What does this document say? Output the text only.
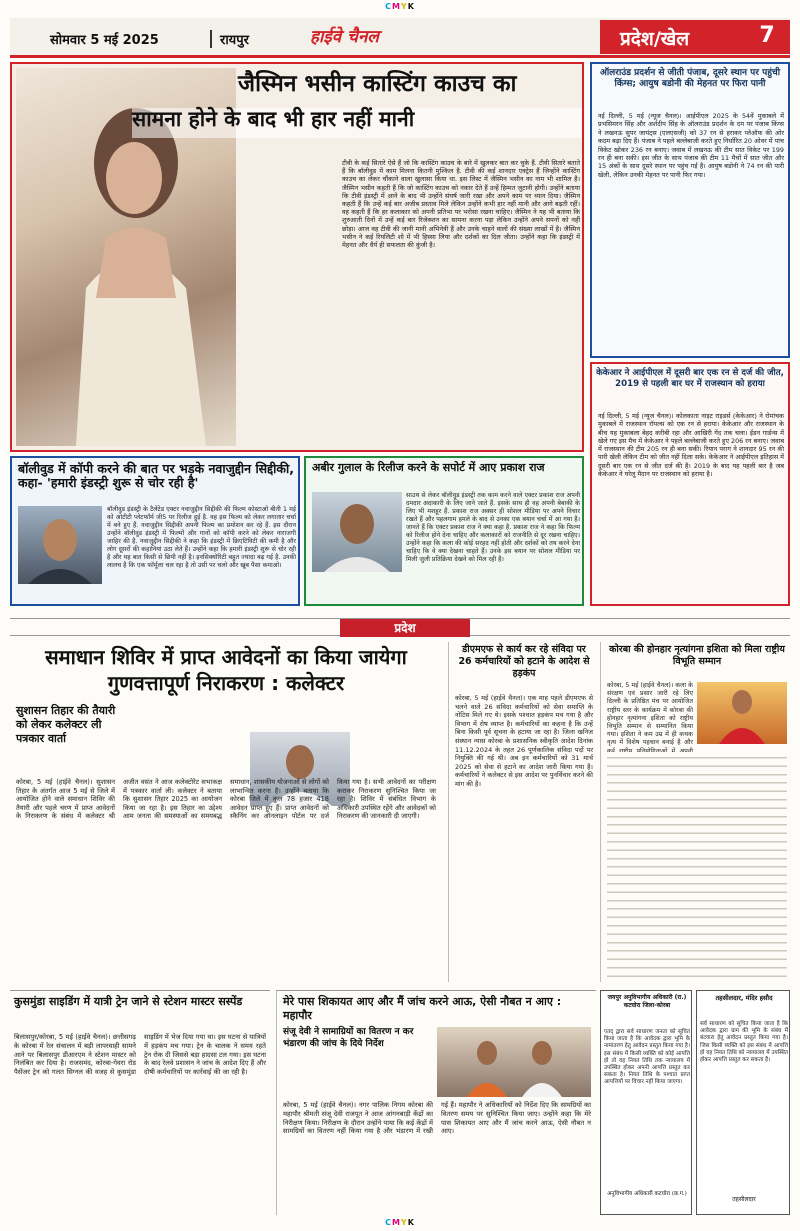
CMYK
सोमवार 5 मई 2025	रायपुर	हाईवे चैनल	प्रदेश/खेल	7
जैस्मिन भसीन कास्टिंग काउच का
सामना होने के बाद भी हार नहीं मानी
टीवी के कई सितारे ऐसे हैं जो कि कास्टिंग काउच के बारे में खुलकर बात कर चुके हैं. टीवी सितारे बताते हैं कि बॉलीवुड में काम मिलना कितनी मुश्किल है. टीवी की कई शानदार एक्ट्रेस हैं जिन्होंने कास्टिंग काउच का लेकर चौंकाने वाला खुलासा किया था. इस लिस्ट में जैस्मिन भसीन का नाम भी शामिल है। जैस्मिन भसीन कहती हैं कि जो कास्टिंग काउच को नकार देते हैं उन्हें हिम्मत जुटानी होगी। उन्होंने बताया कि टीवी इंडस्ट्री में आने के बाद भी उन्होंने संघर्ष जारी रखा और अपने काम पर ध्यान दिया। जैस्मिन कहती हैं कि उन्हें कई बार अजीब प्रस्ताव मिले लेकिन उन्होंने कभी हार नहीं मानी और आगे बढ़ती रहीं। वह कहती हैं कि हर कलाकार को अपनी प्रतिभा पर भरोसा रखना चाहिए। जैस्मिन ने यह भी बताया कि शुरुआती दिनों में उन्हें कई बार रिजेक्शन का सामना करना पड़ा लेकिन उन्होंने अपने सपनों को नहीं छोड़ा। आज वह टीवी की जानी मानी अभिनेत्री हैं और उनके चाहने वालों की संख्या लाखों में है। जैस्मिन भसीन ने कई रियलिटी शो में भी हिस्सा लिया और दर्शकों का दिल जीता। उन्होंने कहा कि इंडस्ट्री में मेहनत और धैर्य ही सफलता की कुंजी है।
बॉलीवुड में कॉपी करने की बात पर भड़के नवाजुद्दीन सिद्दीकी, कहा- 'हमारी इंडस्ट्री शुरू से चोर रही है'
बॉलीवुड इंडस्ट्री के टैलेंटेड एक्टर नवाजुद्दीन सिद्दीकी की फिल्म कोस्टाओ बीती 1 मई को ओटीटी प्लेटफॉर्म जी5 पर रिलीज हुई है. वह इस फिल्म को लेकर लगातार चर्चा में बने हुए हैं. नवाजुद्दीन सिद्दीकी अपनी फिल्म का प्रमोशन कर रहे हैं. इस दौरान उन्होंने बॉलीवुड इंडस्ट्री में फिल्मों और गानों को कॉपी करने को लेकर नाराजगी जाहिर की है. नवाजुद्दीन सिद्दीकी ने कहा कि इंडस्ट्री में क्रिएटिविटी की कमी है और लोग दूसरों की कहानियां उठा लेते हैं। उन्होंने कहा कि हमारी इंडस्ट्री शुरू से चोर रही है और यह बात किसी से छिपी नहीं है। इनसिक्योरिटी बहुत ज्यादा बढ़ गई है. उनकी लालच है कि एक फॉर्मूला चल रहा है तो उसी पर चलो और खूब पैसा कमाओ।
अबीर गुलाल के रिलीज करने के सपोर्ट में आए प्रकाश राज
साउथ से लेकर बॉलीवुड इंडस्ट्री तक काम करने वाले एक्टर प्रकाश राज अपनी दमदार अदाकारी के लिए जाने जाते हैं. इसके साथ ही वह अपनी बेबाकी के लिए भी मशहूर हैं. प्रकाश राज अक्सर ही सोशल मीडिया पर अपने विचार रखते हैं और पहलगाम हमले के बाद से उनका एक बयान चर्चा में आ गया है। जानते हैं कि एक्टर प्रकाश राज ने क्या कहा है. प्रकाश राज ने कहा कि फिल्म को रिलीज होने देना चाहिए और कलाकारों को राजनीति से दूर रखना चाहिए। उन्होंने कहा कि कला की कोई सरहद नहीं होती और दर्शकों को तय करने देना चाहिए कि वे क्या देखना चाहते हैं। उनके इस बयान पर सोशल मीडिया पर मिली जुली प्रतिक्रिया देखने को मिल रही है।
ऑलराउंड प्रदर्शन से जीती पंजाब, दूसरे स्थान पर पहुंची किंग्स; आयुष बडोनी की मेहनत पर फिरा पानी
नई दिल्ली, 5 मई (न्यूज चैनल)। आईपीएल 2025 के 54वें मुकाबले में प्रभसिमरन सिंह और अर्शदीप सिंह के ऑलराउंड प्रदर्शन के दम पर पंजाब किंग्स ने लखनऊ सुपर जायंट्स (एलएसजी) को 37 रन से हराकर प्लेऑफ की ओर कदम बढ़ा दिए हैं। पंजाब ने पहले बल्लेबाजी करते हुए निर्धारित 20 ओवर में पांच विकेट खोकर 236 रन बनाए। जवाब में लखनऊ की टीम सात विकेट पर 199 रन ही बना सकी। इस जीत के साथ पंजाब की टीम 11 मैचों में सात जीत और 15 अंकों के साथ दूसरे स्थान पर पहुंच गई है। आयुष बडोनी ने 74 रन की पारी खेली, लेकिन उनकी मेहनत पर पानी फिर गया।
केकेआर ने आईपीएल में दूसरी बार एक रन से दर्ज की जीत, 2019 से पहली बार घर में राजस्थान को हराया
नई दिल्ली, 5 मई (न्यूज चैनल)। कोलकाता नाइट राइडर्स (केकेआर) ने रोमांचक मुकाबले में राजस्थान रॉयल्स को एक रन से हराया। केकेआर और राजस्थान के बीच यह मुकाबला बेहद करीबी रहा और आखिरी गेंद तक चला। ईडन गार्डन्स में खेले गए इस मैच में केकेआर ने पहले बल्लेबाजी करते हुए 206 रन बनाए। जवाब में राजस्थान की टीम 205 रन ही बना सकी। रियान पराग ने शानदार 95 रन की पारी खेली लेकिन टीम को जीत नहीं दिला सके। केकेआर ने आईपीएल इतिहास में दूसरी बार एक रन से जीत दर्ज की है। 2019 के बाद यह पहली बार है जब केकेआर ने घरेलू मैदान पर राजस्थान को हराया है।
प्रदेश
समाधान शिविर में प्राप्त आवेदनों का किया जायेगा गुणवत्तापूर्ण निराकरण : कलेक्टर
सुशासन तिहार की तैयारी को लेकर कलेक्टर ली पत्रकार वार्ता
कोरबा, 5 मई (हाईवे चैनल)। सुशासन तिहार के अंतर्गत आज 5 मई से जिले में आयोजित होने वाले समाधान शिविर की तैयारी और पहले चरण में प्राप्त आवेदनों के निराकरण के संबंध में कलेक्टर श्री अजीत वसंत ने आज कलेक्टोरेट सभाकक्ष में पत्रकार वार्ता ली। कलेक्टर ने बताया कि सुशासन तिहार 2025 का आयोजन किया जा रहा है। इस तिहार का उद्देश्य आम जनता की समस्याओं का समयबद्ध समाधान, शासकीय योजनाओं से लोगों को लाभान्वित करना है। उन्होंने बताया कि कोरबा जिले में कुल 78 हजार 418 आवेदन प्राप्त हुए हैं। प्राप्त आवेदनों को स्कैनिंग कर ऑनलाइन पोर्टल पर दर्ज किया गया है। सभी आवेदनों का परीक्षण कराकर निराकरण सुनिश्चित किया जा रहा है। शिविर में संबंधित विभाग के अधिकारी उपस्थित रहेंगे और आवेदकों को निराकरण की जानकारी दी जाएगी।
डीएमएफ से कार्य कर रहे संविदा पर 26 कर्मचारियों को हटाने के आदेश से हड़कंप
कोरबा, 5 मई (हाईवे चैनल)। एक माह पहले डीएमएफ से चलने वाले 26 संविदा कर्मचारियों को सेवा समाप्ति के नोटिस मिले गए थे। इसके पश्चात हड़कंप मच गया है और विभाग में रोष व्याप्त है। कर्मचारियों का कहना है कि उन्हें बिना किसी पूर्व सूचना के हटाया जा रहा है। जिला खनिज संस्थान न्यास कोरबा के प्रशासनिक स्वीकृति आदेश दिनांक 11.12.2024 के तहत 26 पूर्णकालिक संविदा पदों पर नियुक्ति की गई थी। अब इन कर्मचारियों को 31 मार्च 2025 को सेवा से हटाने का आदेश जारी किया गया है। कर्मचारियों ने कलेक्टर से इस आदेश पर पुनर्विचार करने की मांग की है।
कोरबा की होनहार नृत्यांगना इशिता को मिला राष्ट्रीय विभूति सम्मान
कोरबा, 5 मई (हाईवे चैनल)। कला के संरक्षण एवं प्रसार जारी रहे लिए दिल्ली के प्रतिष्ठित मंच पर आयोजित राष्ट्रीय स्तर के कार्यक्रम में कोरबा की होनहार नृत्यांगना इशिता को राष्ट्रीय विभूति सम्मान से सम्मानित किया गया। इशिता ने कम उम्र में ही कथक नृत्य में विशेष पहचान बनाई है और
कुसमुंडा साइडिंग में यात्री ट्रेन जाने से स्टेशन मास्टर सस्पेंड
बिलासपुर/कोरबा, 5 मई (हाईवे चैनल)। छत्तीसगढ़ के कोरबा में रेल संचालन में बड़ी लापरवाही सामने आने पर बिलासपुर डीआरएम ने स्टेशन मास्टर को निलंबित कर दिया है। राजसमंद, कोरबा-गेवरा रोड पैसेंजर ट्रेन को गलत सिग्नल की वजह से कुसमुंडा साइडिंग में भेज दिया गया था। इस घटना से यात्रियों में हड़कंप मच गया। ट्रेन के चालक ने समय रहते ट्रेन रोक दी जिससे बड़ा हादसा टल गया। इस घटना के बाद रेलवे प्रशासन ने जांच के आदेश दिए हैं और दोषी कर्मचारियों पर कार्रवाई की जा रही है।
मेरे पास शिकायत आए और मैं जांच करने आऊ, ऐसी नौबत न आए : महापौर
संजू देवी ने सामाग्रियों का वितरण न कर भंडारण की जांच के दिये निर्देश
कोरबा, 5 मई (हाईवे चैनल)। नगर पालिक निगम कोरबा की महापौर श्रीमती संजू देवी राजपूत ने आज आंगनबाड़ी केंद्रों का निरीक्षण किया। निरीक्षण के दौरान उन्होंने पाया कि कई केंद्रों में सामग्रियों का वितरण नहीं किया गया है और भंडारण में रखी गई हैं। महापौर ने अधिकारियों को निर्देश दिए कि सामग्रियों का वितरण समय पर सुनिश्चित किया जाए। उन्होंने कहा कि मेरे पास शिकायत आए और मैं जांच करने आऊ, ऐसी नौबत न आए।
जयपुर अनुविभागीय अधिकारी (रा.) कटघोरा जिला-कोरबा
एतद् द्वारा सर्व साधारण जनता को सूचित किया जाता है कि आवेदक द्वारा भूमि के नामांतरण हेतु आवेदन प्रस्तुत किया गया है। इस संबंध में किसी व्यक्ति को कोई आपत्ति हो तो वह नियत तिथि तक न्यायालय में उपस्थित होकर अपनी आपत्ति प्रस्तुत कर सकता है। नियत तिथि के पश्चात प्राप्त आपत्तियों पर विचार नहीं किया जाएगा।
अनुविभागीय अधिकारी कटघोरा (छ.ग.)
तहसीलदार, मंदिर हसौद
सर्व साधारण को सूचित किया जाता है कि आवेदक द्वारा ग्राम की भूमि के संबंध में बंटवारा हेतु आवेदन प्रस्तुत किया गया है। जिस किसी व्यक्ति को इस संबंध में आपत्ति हो वह नियत तिथि को न्यायालय में उपस्थित होकर आपत्ति प्रस्तुत कर सकता है।
तहसीलदार
CMYK
